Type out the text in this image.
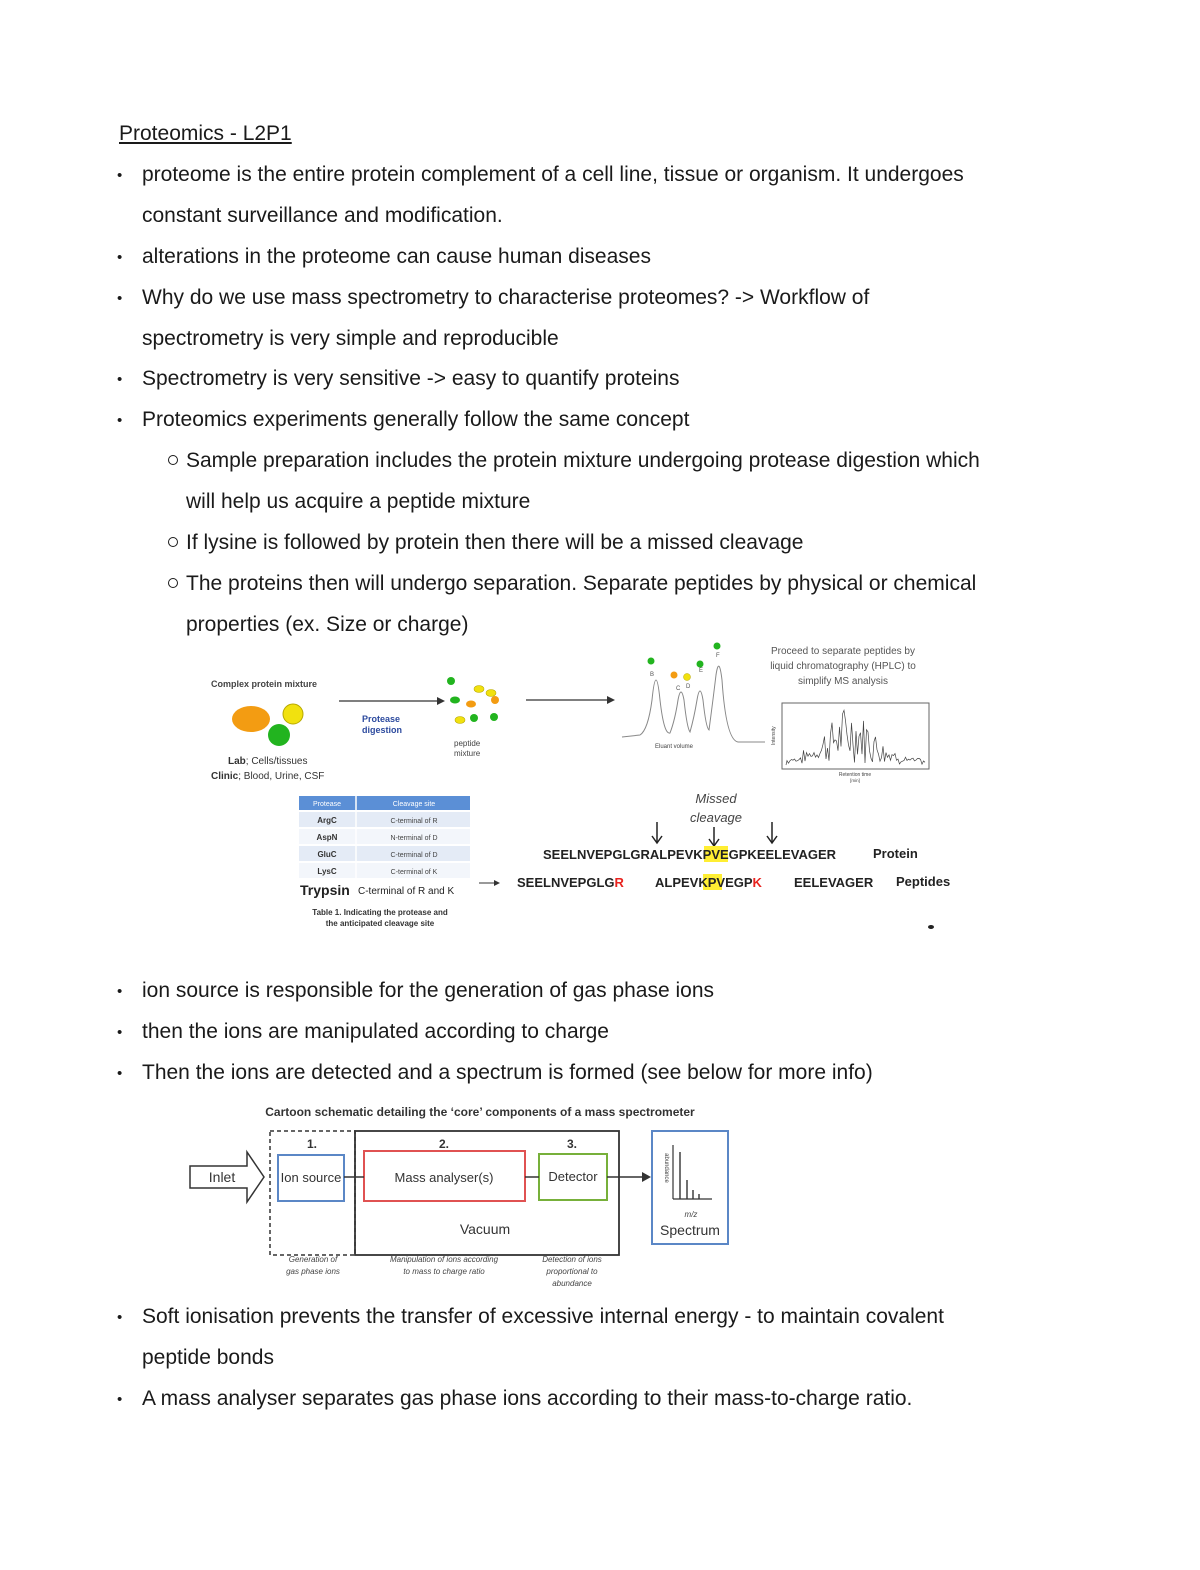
Proteomics - L2P1
• proteome is the entire protein complement of a cell line, tissue or organism. It undergoes
constant surveillance and modification.
• alterations in the proteome can cause human diseases
• Why do we use mass spectrometry to characterise proteomes? -> Workflow of
spectrometry is very simple and reproducible
• Spectrometry is very sensitive -> easy to quantify proteins
• Proteomics experiments generally follow the same concept
Sample preparation includes the protein mixture undergoing protease digestion which
will help us acquire a peptide mixture
If lysine is followed by protein then there will be a missed cleavage
The proteins then will undergo separation. Separate peptides by physical or chemical
properties (ex. Size or charge)
Complex protein mixture
Lab; Cells/tissues
Clinic; Blood, Urine, CSF
Protease
digestion
peptide
mixture
B
C D
E
F
Eluant volume
Proceed to separate peptides by
liquid chromatography (HPLC) to
simplify MS analysis
Intensity
Retention time
[min]
Protease	Cleavage site
ArgC	C-terminal of R
AspN	N-terminal of D
GluC	C-terminal of D
LysC	C-terminal of K
Trypsin C-terminal of R and K
Table 1. Indicating the protease and
the anticipated cleavage site
Missed
cleavage
SEELNVEPGLGRALPEVKPVEGPKEELEVAGER	Protein
SEELNVEPGLGR ALPEVKPVEGPK EELEVAGER Peptides
• ion source is responsible for the generation of gas phase ions
• then the ions are manipulated according to charge
• Then the ions are detected and a spectrum is formed (see below for more info)
Cartoon schematic detailing the ‘core’ components of a mass spectrometer
Inlet
1.	2.	3.
Ion source	Mass analyser(s)	Detector
Vacuum
abundance
m/z
Spectrum
Generation of
gas phase ions
Manipulation of ions according
to mass to charge ratio
Detection of ions
proportional to
abundance
• Soft ionisation prevents the transfer of excessive internal energy - to maintain covalent
peptide bonds
• A mass analyser separates gas phase ions according to their mass-to-charge ratio.
